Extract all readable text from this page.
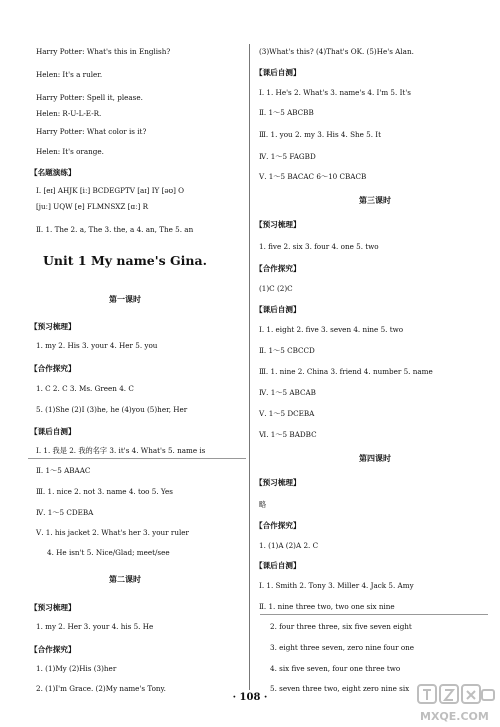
Harry Potter: What's this in English?
Helen: It's a ruler.
Harry Potter: Spell it, please.
Helen: R-U-L-E-R.
Harry Potter: What color is it?
Helen: It's orange.
【名题演练】
Ⅰ. [eɪ] AHJK [iː] BCDEGPTV [aɪ] IY [əʊ] O
[juː] UQW [e] FLMNSXZ [ɑː] R
Ⅱ. 1. The 2. a, The 3. the, a 4. an, The 5. an
Unit 1 My name's Gina.
第一课时
【预习梳理】
1. my 2. His 3. your 4. Her 5. you
【合作探究】
1. C 2. C 3. Ms. Green 4. C
5. (1)She (2)I (3)he, he (4)you (5)her, Her
【课后自测】
Ⅰ. 1. 我是 2. 我的名字 3. it's 4. What's 5. name is
Ⅱ. 1～5 ABAAC
Ⅲ. 1. nice 2. not 3. name 4. too 5. Yes
Ⅳ. 1～5 CDEBA
Ⅴ. 1. his jacket 2. What's her 3. your ruler
4. He isn't 5. Nice/Glad; meet/see
第二课时
【预习梳理】
1. my 2. Her 3. your 4. his 5. He
【合作探究】
1. (1)My (2)His (3)her
2. (1)I'm Grace. (2)My name's Tony.
(3)What's this? (4)That's OK. (5)He's Alan.
【课后自测】
Ⅰ. 1. He's 2. What's 3. name's 4. I'm 5. It's
Ⅱ. 1～5 ABCBB
Ⅲ. 1. you 2. my 3. His 4. She 5. It
Ⅳ. 1～5 FAGBD
Ⅴ. 1～5 BACAC 6～10 CBACB
第三课时
【预习梳理】
1. five 2. six 3. four 4. one 5. two
【合作探究】
(1)C (2)C
【课后自测】
Ⅰ. 1. eight 2. five 3. seven 4. nine 5. two
Ⅱ. 1～5 CBCCD
Ⅲ. 1. nine 2. China 3. friend 4. number 5. name
Ⅳ. 1～5 ABCAB
Ⅴ. 1～5 DCEBA
Ⅵ. 1～5 BADBC
第四课时
【预习梳理】
略
【合作探究】
1. (1)A (2)A 2. C
【课后自测】
Ⅰ. 1. Smith 2. Tony 3. Miller 4. Jack 5. Amy
Ⅱ. 1. nine three two, two one six nine
2. four three three, six five seven eight
3. eight three seven, zero nine four one
4. six five seven, four one three two
5. seven three two, eight zero nine six
· 108 ·
MXQE.COM
